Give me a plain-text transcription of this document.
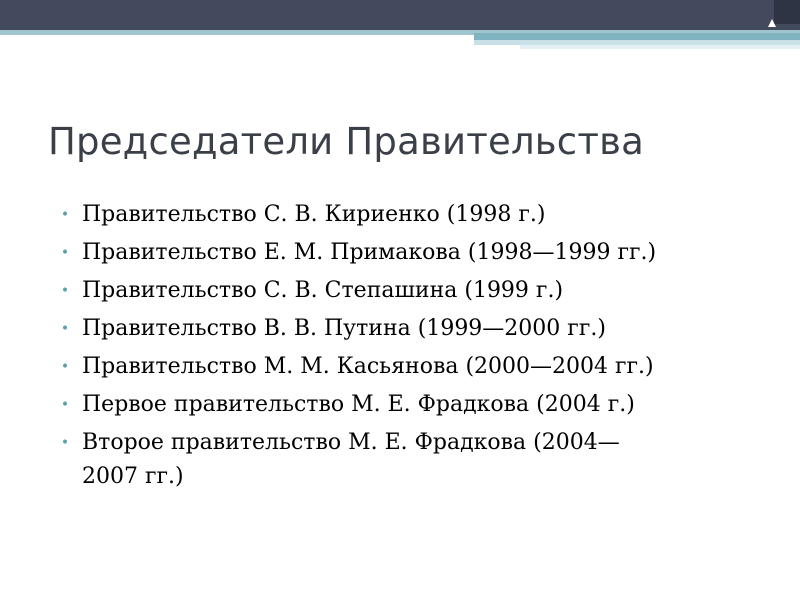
Председатели Правительства
• Правительство С. В. Кириенко (1998 г.)
• Правительство Е. М. Примакова (1998—1999 гг.)
• Правительство С. В. Степашина (1999 г.)
• Правительство В. В. Путина (1999—2000 гг.)
• Правительство М. М. Касьянова (2000—2004 гг.)
• Первое правительство М. Е. Фрадкова (2004 г.)
• Второе правительство М. Е. Фрадкова (2004—2007 гг.)
